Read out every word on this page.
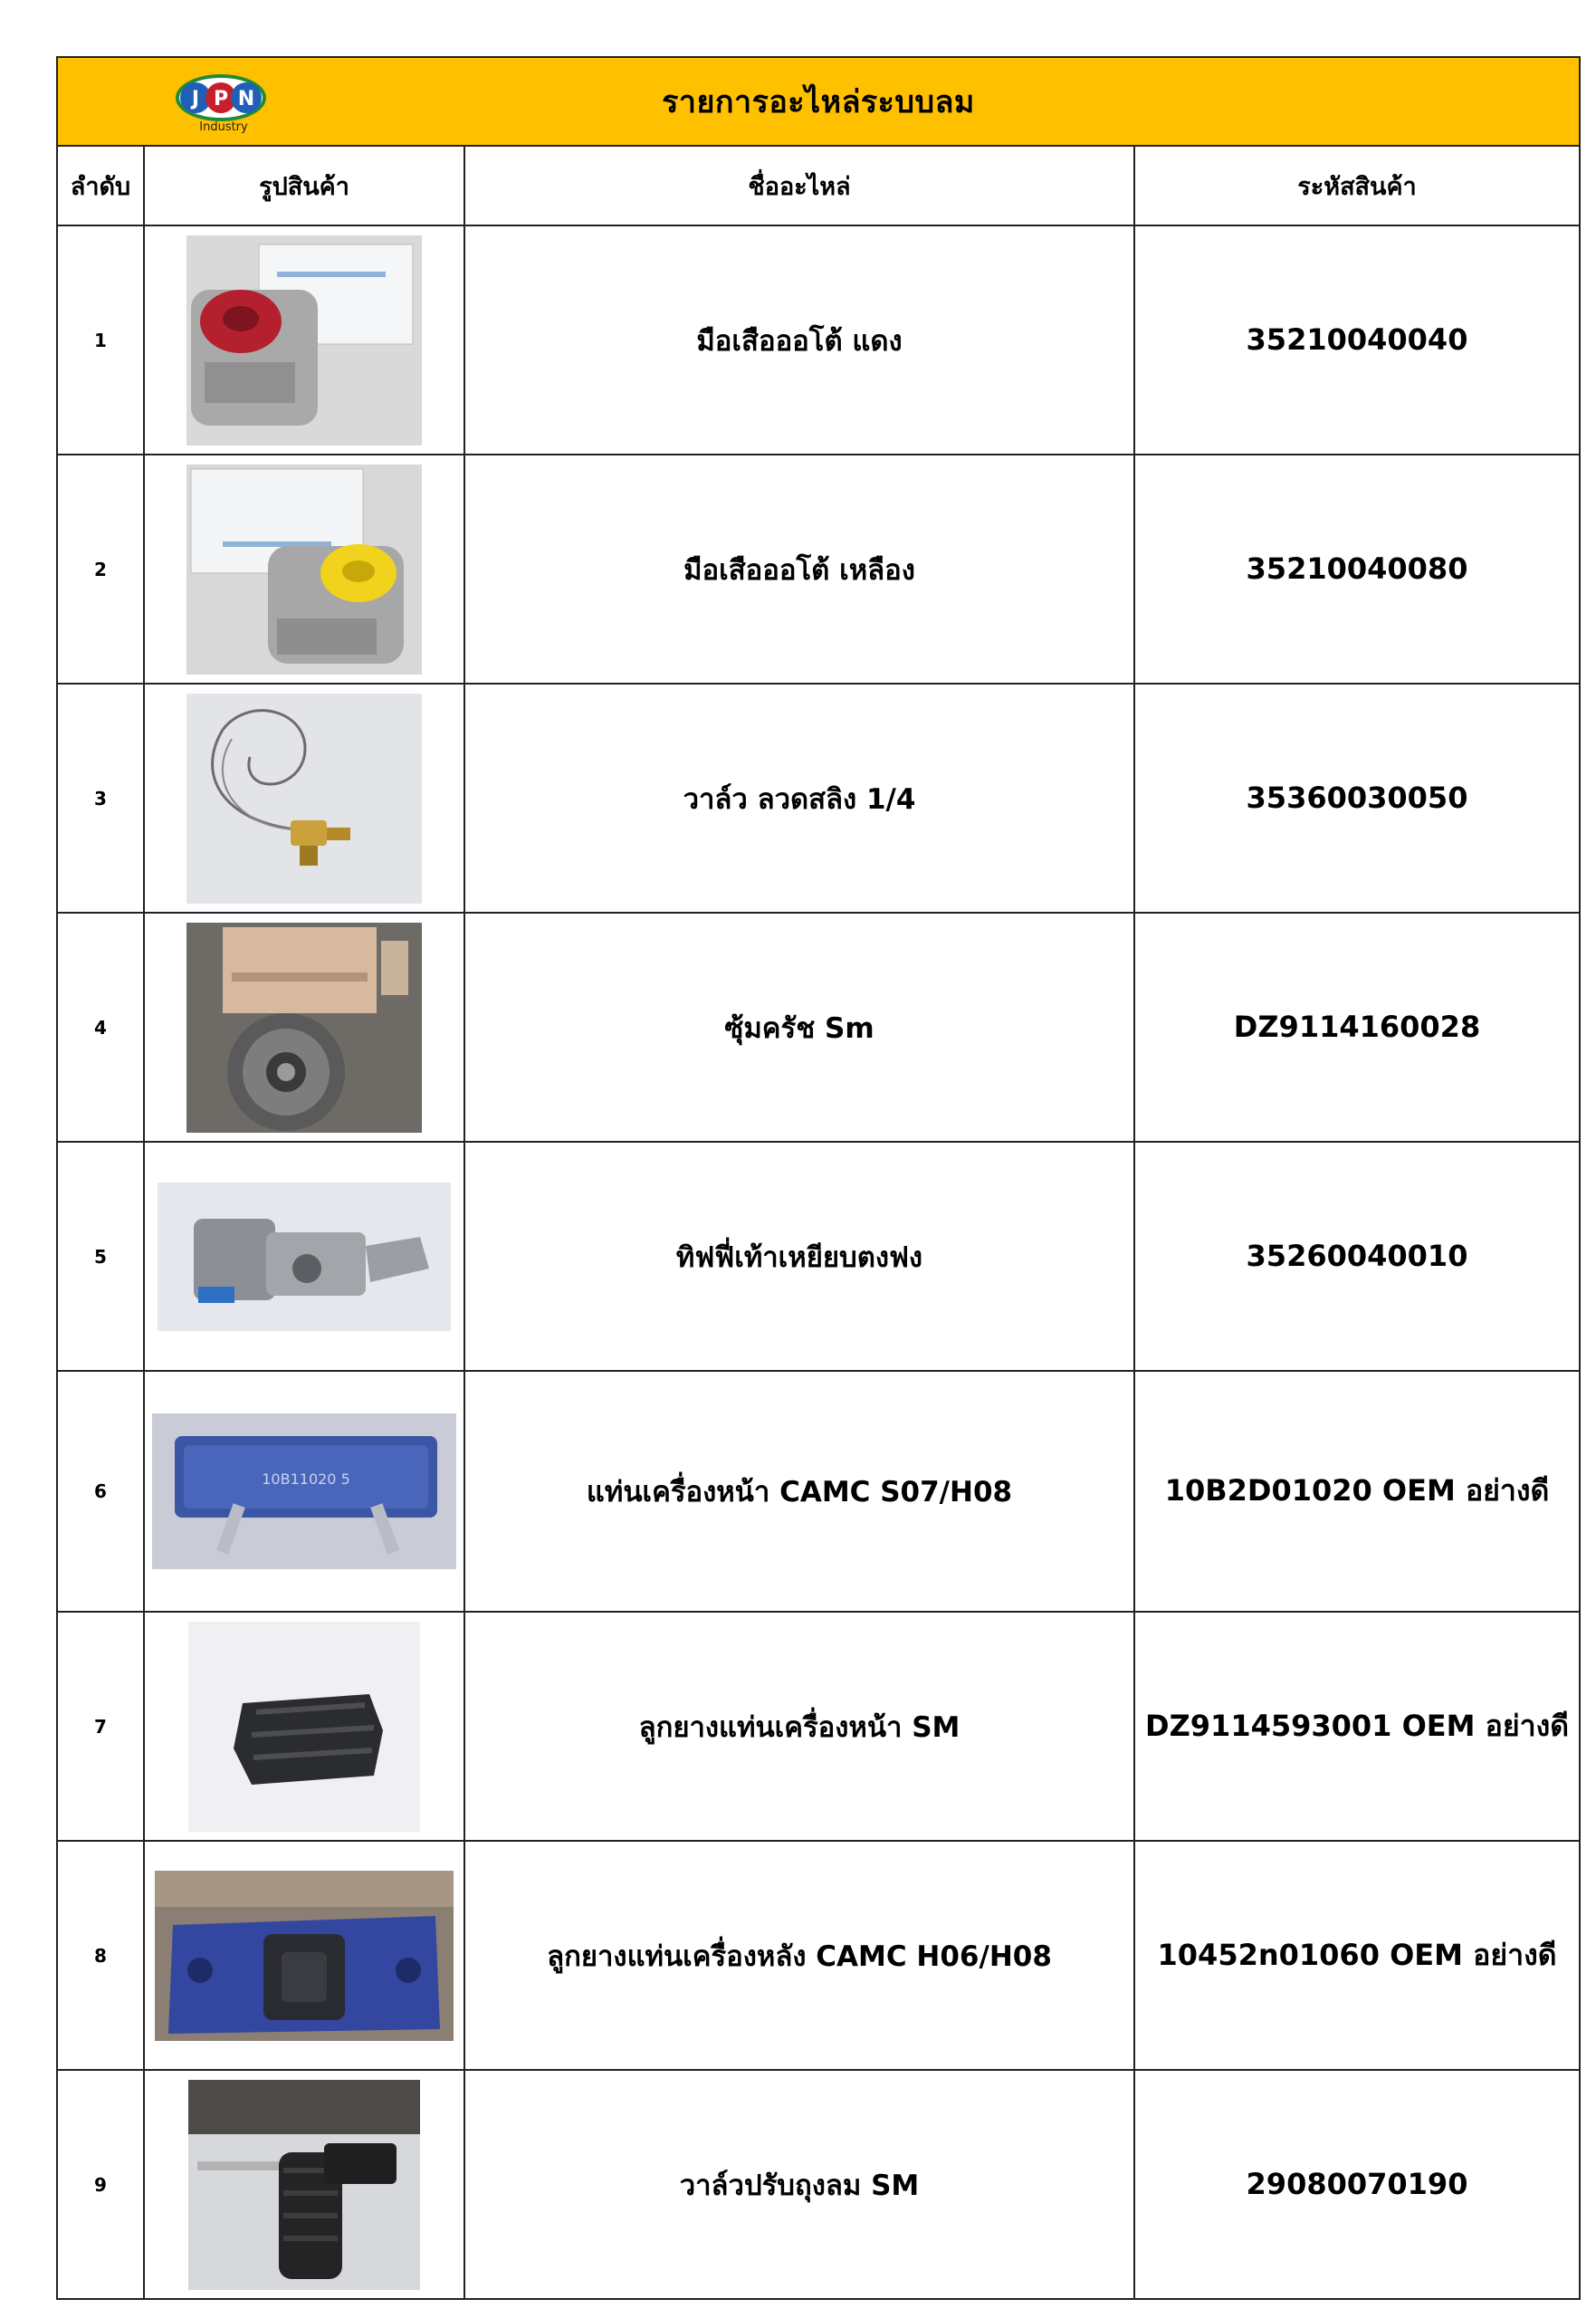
J P N
Industry
รายการอะไหล่ระบบลม			
ลำดับ	รูปสินค้า	ชื่ออะไหล่	ระหัสสินค้า
1		มือเสือออโต้ แดง	35210040040
2		มือเสือออโต้ เหลือง	35210040080
3		วาล์ว ลวดสลิง 1/4	35360030050
4		ซุ้มครัช Sm	DZ9114160028
5		ทิฟฟี่เท้าเหยียบตงฟง	35260040010
6	10B11020 5	แท่นเครื่องหน้า CAMC S07/H08	10B2D01020 OEM อย่างดี
7		ลูกยางแท่นเครื่องหน้า SM	DZ9114593001 OEM อย่างดี
8		ลูกยางแท่นเครื่องหลัง CAMC H06/H08	10452n01060 OEM อย่างดี
9		วาล์วปรับถุงลม SM	29080070190
